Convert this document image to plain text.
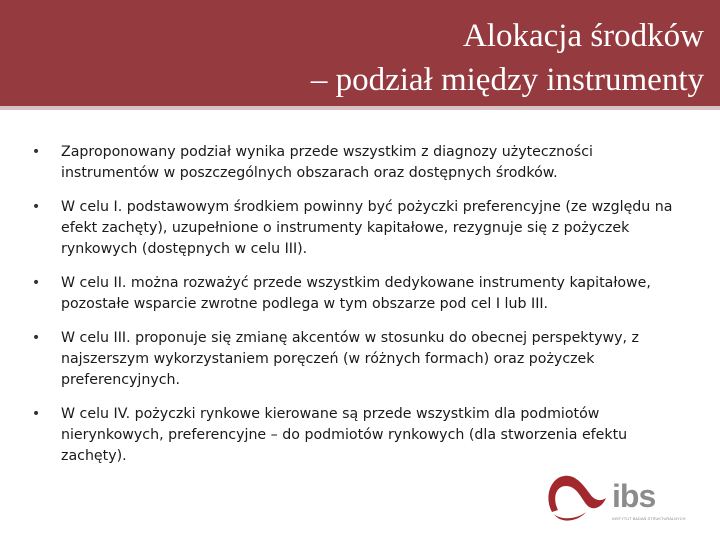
Alokacja środków
– podział między instrumenty
• Zaproponowany podział wynika przede wszystkim z diagnozy użyteczności instrumentów w poszczególnych obszarach oraz dostępnych środków.
• W celu I. podstawowym środkiem powinny być pożyczki preferencyjne (ze względu na efekt zachęty), uzupełnione o instrumenty kapitałowe, rezygnuje się z pożyczek rynkowych (dostępnych w celu III).
• W celu II. można rozważyć przede wszystkim dedykowane instrumenty kapitałowe, pozostałe wsparcie zwrotne podlega w tym obszarze pod cel I lub III.
• W celu III. proponuje się zmianę akcentów w stosunku do obecnej perspektywy, z najszerszym wykorzystaniem poręczeń (w różnych formach) oraz pożyczek preferencyjnych.
• W celu IV. pożyczki rynkowe kierowane są przede wszystkim dla podmiotów nierynkowych, preferencyjne – do podmiotów rynkowych (dla stworzenia efektu zachęty).
ibs
INSTYTUT BADAŃ STRUKTURALNYCH
